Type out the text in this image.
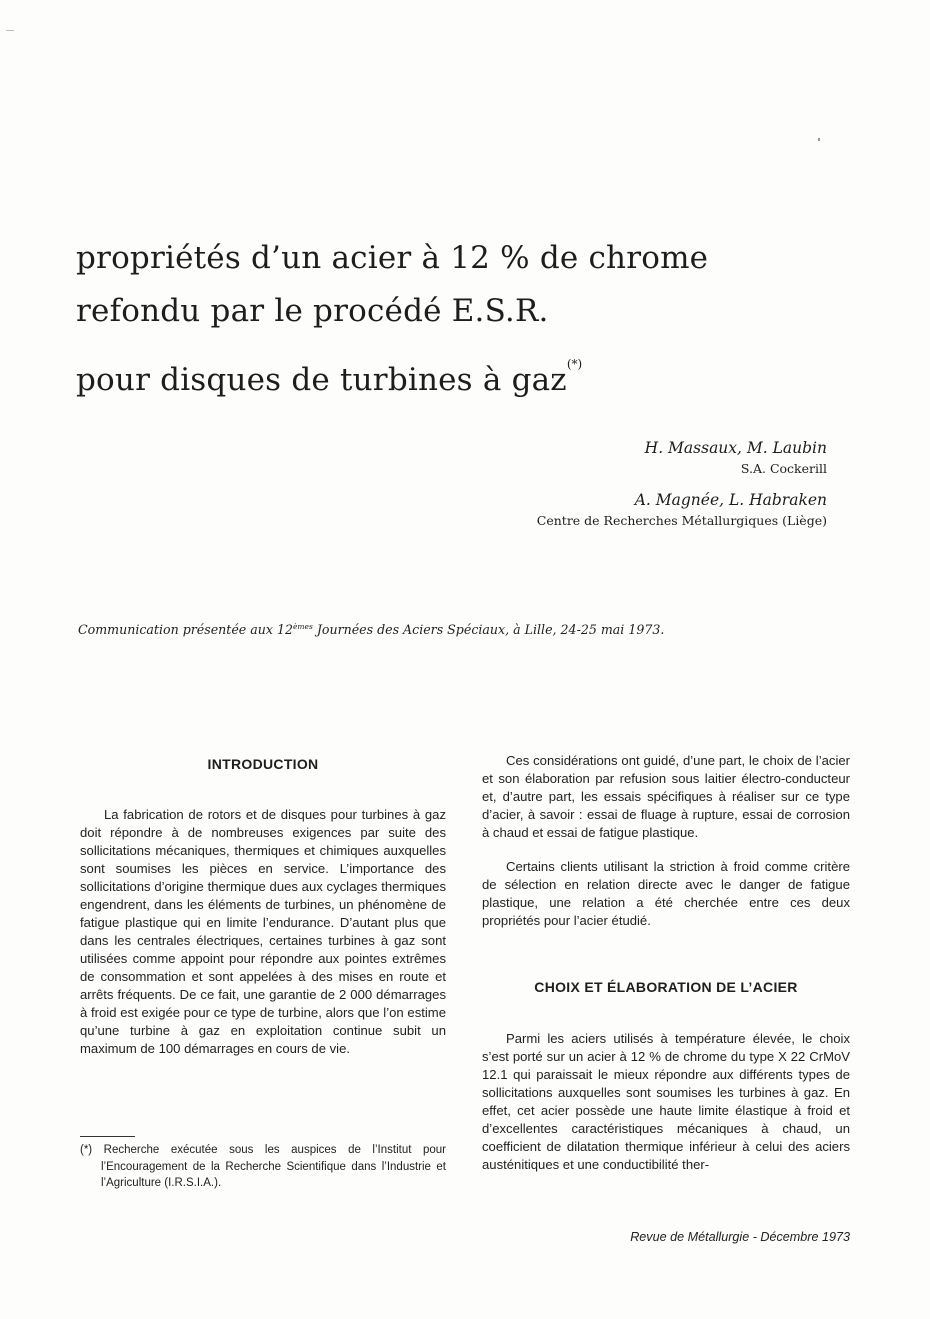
propriétés d’un acier à 12 % de chrome
refondu par le procédé E.S.R.
pour disques de turbines à gaz(*)
H. Massaux, M. Laubin
S.A. Cockerill
A. Magnée, L. Habraken
Centre de Recherches Métallurgiques (Liège)
Communication présentée aux 12èmes Journées des Aciers Spéciaux, à Lille, 24-25 mai 1973.
INTRODUCTION

La fabrication de rotors et de disques pour turbines à gaz doit répondre à de nombreuses exigences par suite des sollicitations mécaniques, thermiques et chimiques auxquelles sont soumises les pièces en service. L’importance des sollicitations d’origine thermique dues aux cyclages thermiques engendrent, dans les éléments de turbines, un phénomène de fatigue plastique qui en limite l’endurance. D’autant plus que dans les centrales électriques, certaines turbines à gaz sont utilisées comme appoint pour répondre aux pointes extrêmes de consommation et sont appelées à des mises en route et arrêts fréquents. De ce fait, une garantie de 2 000 démarrages à froid est exigée pour ce type de turbine, alors que l’on estime qu’une turbine à gaz en exploitation continue subit un maximum de 100 démarrages en cours de vie.

Ces considérations ont guidé, d’une part, le choix de l’acier et son élaboration par refusion sous laitier électro-conducteur et, d’autre part, les essais spécifiques à réaliser sur ce type d’acier, à savoir : essai de fluage à rupture, essai de corrosion à chaud et essai de fatigue plastique.

Certains clients utilisant la striction à froid comme critère de sélection en relation directe avec le danger de fatigue plastique, une relation a été cherchée entre ces deux propriétés pour l’acier étudié.

CHOIX ET ÉLABORATION DE L’ACIER

Parmi les aciers utilisés à température élevée, le choix s’est porté sur un acier à 12 % de chrome du type X 22 CrMoV 12.1 qui paraissait le mieux répondre aux différents types de sollicitations auxquelles sont soumises les turbines à gaz. En effet, cet acier possède une haute limite élastique à froid et d’excellentes caractéristiques mécaniques à chaud, un coefficient de dilatation thermique inférieur à celui des aciers austénitiques et une conductibilité ther-

(*) Recherche exécutée sous les auspices de l’Institut pour l’Encouragement de la Recherche Scientifique dans l’Industrie et l’Agriculture (I.R.S.I.A.).
Revue de Métallurgie - Décembre 1973
